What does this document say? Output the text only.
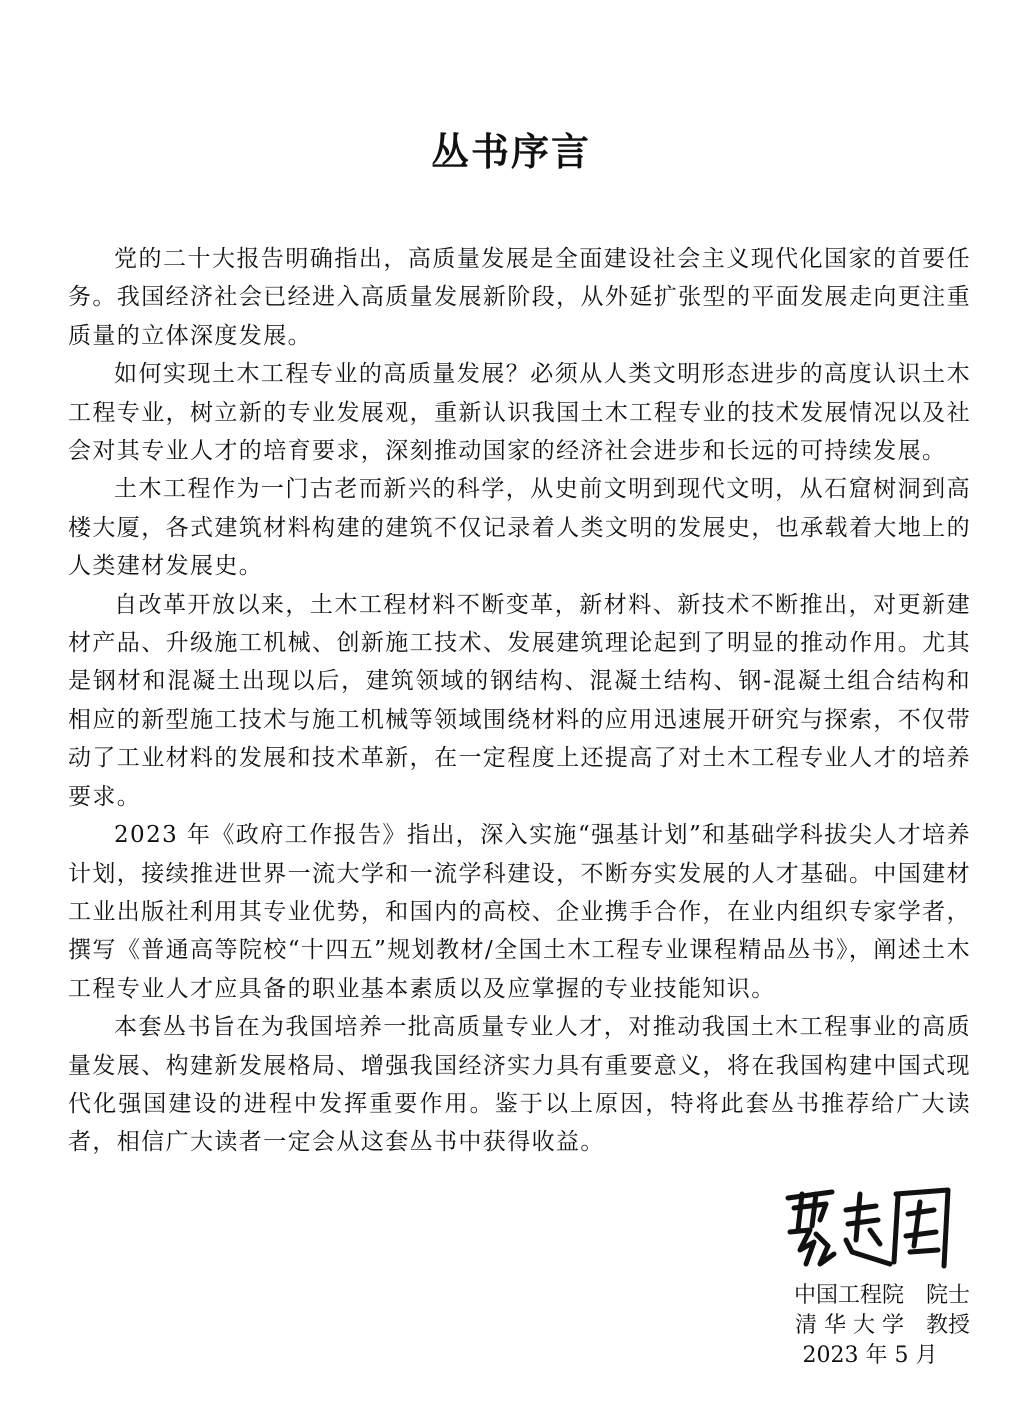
丛书序言

党的二十大报告明确指出，高质量发展是全面建设社会主义现代化国家的首要任务。我国经济社会已经进入高质量发展新阶段，从外延扩张型的平面发展走向更注重质量的立体深度发展。

如何实现土木工程专业的高质量发展？必须从人类文明形态进步的高度认识土木工程专业，树立新的专业发展观，重新认识我国土木工程专业的技术发展情况以及社会对其专业人才的培育要求，深刻推动国家的经济社会进步和长远的可持续发展。

土木工程作为一门古老而新兴的科学，从史前文明到现代文明，从石窟树洞到高楼大厦，各式建筑材料构建的建筑不仅记录着人类文明的发展史，也承载着大地上的人类建材发展史。

自改革开放以来，土木工程材料不断变革，新材料、新技术不断推出，对更新建材产品、升级施工机械、创新施工技术、发展建筑理论起到了明显的推动作用。尤其是钢材和混凝土出现以后，建筑领域的钢结构、混凝土结构、钢-混凝土组合结构和相应的新型施工技术与施工机械等领域围绕材料的应用迅速展开研究与探索，不仅带动了工业材料的发展和技术革新，在一定程度上还提高了对土木工程专业人才的培养要求。

2023 年《政府工作报告》指出，深入实施“强基计划”和基础学科拔尖人才培养计划，接续推进世界一流大学和一流学科建设，不断夯实发展的人才基础。中国建材工业出版社利用其专业优势，和国内的高校、企业携手合作，在业内组织专家学者，撰写《普通高等院校“十四五”规划教材/全国土木工程专业课程精品丛书》，阐述土木工程专业人才应具备的职业基本素质以及应掌握的专业技能知识。

本套丛书旨在为我国培养一批高质量专业人才，对推动我国土木工程事业的高质量发展、构建新发展格局、增强我国经济实力具有重要意义，将在我国构建中国式现代化强国建设的进程中发挥重要作用。鉴于以上原因，特将此套丛书推荐给广大读者，相信广大读者一定会从这套丛书中获得收益。

中国工程院　院士
清 华 大 学　教授
2023 年 5 月
